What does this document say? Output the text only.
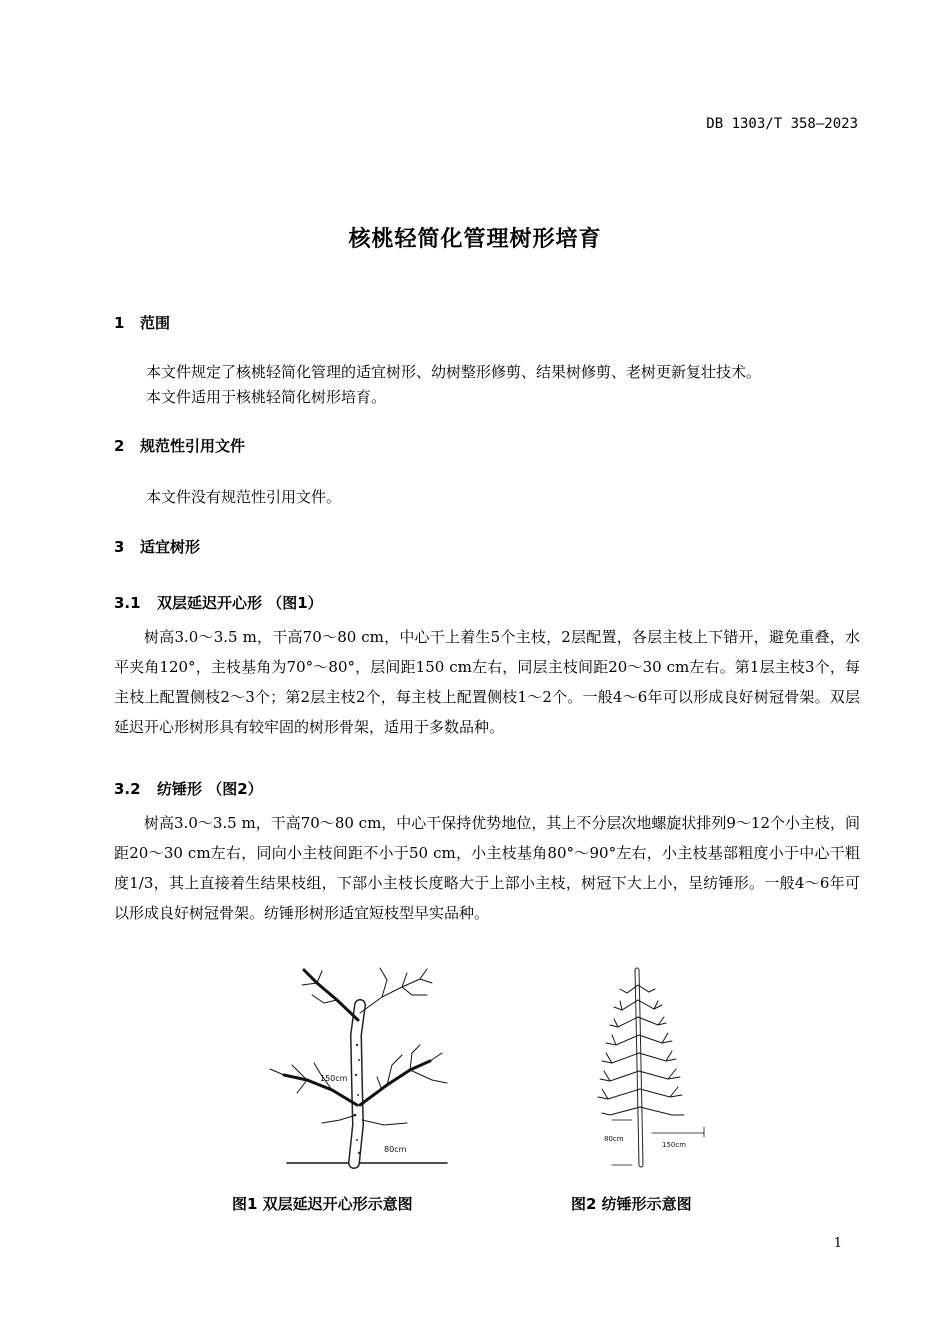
DB 1303/T 358—2023
核桃轻简化管理树形培育
1 范围
本文件规定了核桃轻简化管理的适宜树形、幼树整形修剪、结果树修剪、老树更新复壮技术。
本文件适用于核桃轻简化树形培育。
2 规范性引用文件
本文件没有规范性引用文件。
3 适宜树形
3.1 双层延迟开心形 （图1）
树高3.0～3.5 m，干高70～80 cm，中心干上着生5个主枝，2层配置，各层主枝上下错开，避免重叠，水平夹角120°，主枝基角为70°～80°，层间距150 cm左右，同层主枝间距20～30 cm左右。第1层主枝3个，每主枝上配置侧枝2～3个；第2层主枝2个，每主枝上配置侧枝1～2个。一般4～6年可以形成良好树冠骨架。双层延迟开心形树形具有较牢固的树形骨架，适用于多数品种。
3.2 纺锤形 （图2）
树高3.0～3.5 m，干高70～80 cm，中心干保持优势地位，其上不分层次地螺旋状排列9～12个小主枝，间距20～30 cm左右，同向小主枝间距不小于50 cm，小主枝基角80°～90°左右，小主枝基部粗度小于中心干粗度1/3，其上直接着生结果枝组，下部小主枝长度略大于上部小主枝，树冠下大上小，呈纺锤形。一般4～6年可以形成良好树冠骨架。纺锤形树形适宜短枝型早实品种。
150cm
80cm
80cm
150cm
图1 双层延迟开心形示意图	图2 纺锤形示意图
1
